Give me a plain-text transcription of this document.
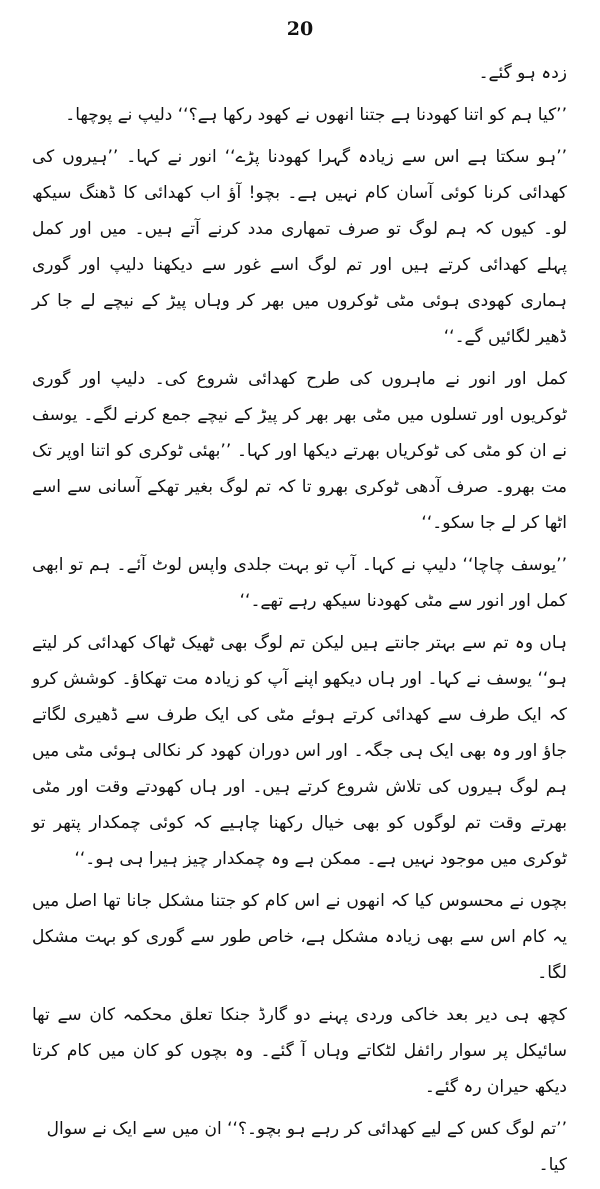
20

زدہ ہو گئے۔

’’کیا ہم کو اتنا کھودنا ہے جتنا انھوں نے کھود رکھا ہے؟‘‘ دلیپ نے پوچھا۔

’’ہو سکتا ہے اس سے زیادہ گہرا کھودنا پڑے‘‘ انور نے کہا۔ ’’ہیروں کی کھدائی کرنا کوئی آسان کام نہیں ہے۔ بچو! آؤ اب کھدائی کا ڈھنگ سیکھ لو۔ کیوں کہ ہم لوگ تو صرف تمھاری مدد کرنے آتے ہیں۔ میں اور کمل پہلے کھدائی کرتے ہیں اور تم لوگ اسے غور سے دیکھنا دلیپ اور گوری ہماری کھودی ہوئی مٹی ٹوکروں میں بھر کر وہاں پیڑ کے نیچے لے جا کر ڈھیر لگائیں گے۔‘‘

کمل اور انور نے ماہروں کی طرح کھدائی شروع کی۔ دلیپ اور گوری ٹوکریوں اور تسلوں میں مٹی بھر بھر کر پیڑ کے نیچے جمع کرنے لگے۔ یوسف نے ان کو مٹی کی ٹوکریاں بھرتے دیکھا اور کہا۔ ’’بھئی ٹوکری کو اتنا اوپر تک مت بھرو۔ صرف آدھی ٹوکری بھرو تا کہ تم لوگ بغیر تھکے آسانی سے اسے اٹھا کر لے جا سکو۔‘‘

’’یوسف چاچا‘‘ دلیپ نے کہا۔ آپ تو بہت جلدی واپس لوٹ آئے۔ ہم تو ابھی کمل اور انور سے مٹی کھودنا سیکھ رہے تھے۔‘‘

ہاں وہ تم سے بہتر جانتے ہیں لیکن تم لوگ بھی ٹھیک ٹھاک کھدائی کر لیتے ہو‘‘ یوسف نے کہا۔ اور ہاں دیکھو اپنے آپ کو زیادہ مت تھکاؤ۔ کوشش کرو کہ ایک طرف سے کھدائی کرتے ہوئے مٹی کی ایک طرف سے ڈھیری لگاتے جاؤ اور وہ بھی ایک ہی جگہ۔ اور اس دوران کھود کر نکالی ہوئی مٹی میں ہم لوگ ہیروں کی تلاش شروع کرتے ہیں۔ اور ہاں کھودتے وقت اور مٹی بھرتے وقت تم لوگوں کو بھی خیال رکھنا چاہیے کہ کوئی چمکدار پتھر تو ٹوکری میں موجود نہیں ہے۔ ممکن ہے وہ چمکدار چیز ہیرا ہی ہو۔‘‘

بچوں نے محسوس کیا کہ انھوں نے اس کام کو جتنا مشکل جانا تھا اصل میں یہ کام اس سے بھی زیادہ مشکل ہے، خاص طور سے گوری کو بہت مشکل لگا۔

کچھ ہی دیر بعد خاکی وردی پہنے دو گارڈ جنکا تعلق محکمہ کان سے تھا سائیکل پر سوار رائفل لٹکاتے وہاں آ گئے۔ وہ بچوں کو کان میں کام کرتا دیکھ حیران رہ گئے۔

’’تم لوگ کس کے لیے کھدائی کر رہے ہو بچو۔؟‘‘ ان میں سے ایک نے سوال کیا۔
